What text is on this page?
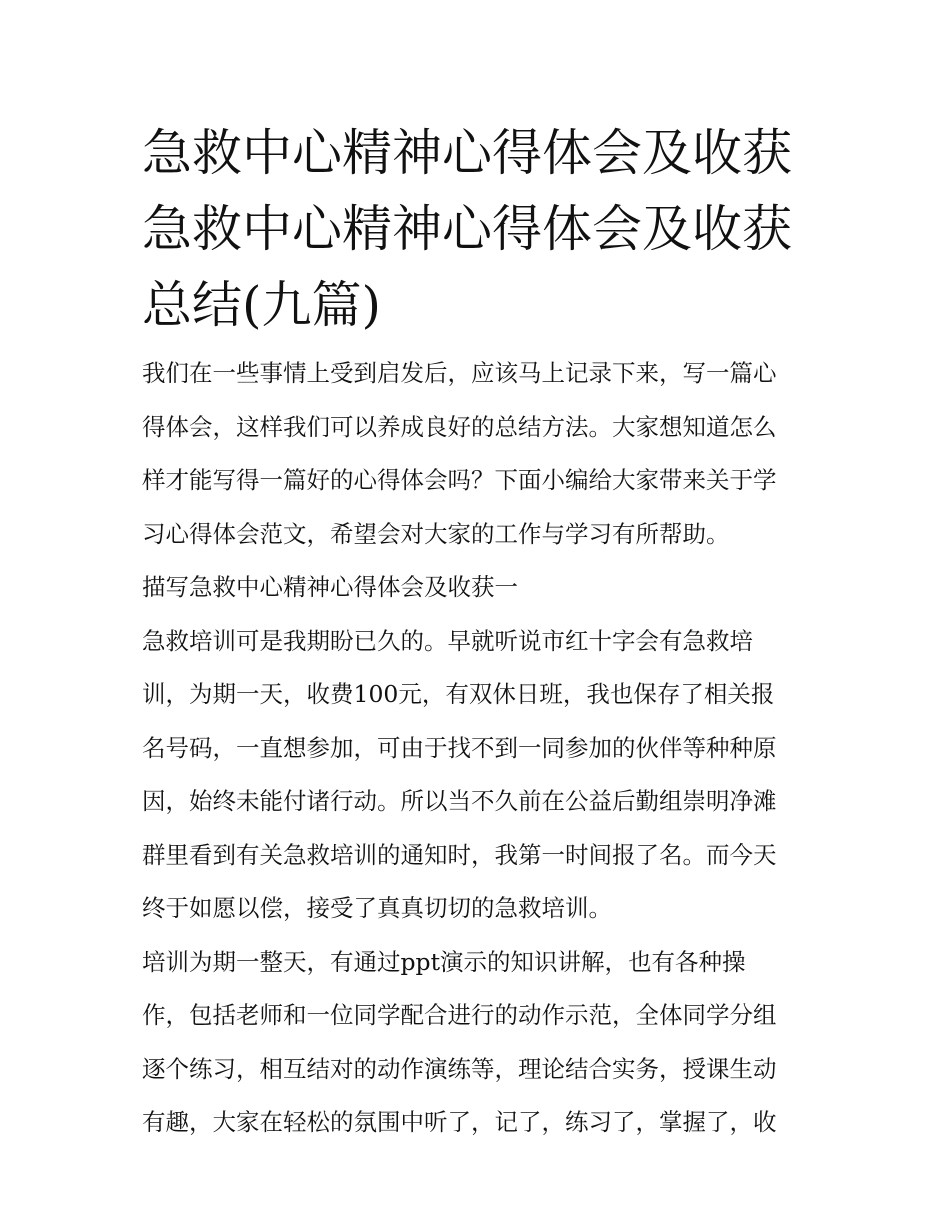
急救中心精神心得体会及收获
急救中心精神心得体会及收获
总结(九篇)

我们在一些事情上受到启发后，应该马上记录下来，写一篇心
得体会，这样我们可以养成良好的总结方法。大家想知道怎么
样才能写得一篇好的心得体会吗？下面小编给大家带来关于学
习心得体会范文，希望会对大家的工作与学习有所帮助。

描写急救中心精神心得体会及收获一

急救培训可是我期盼已久的。早就听说市红十字会有急救培
训，为期一天，收费100元，有双休日班，我也保存了相关报
名号码，一直想参加，可由于找不到一同参加的伙伴等种种原
因，始终未能付诸行动。所以当不久前在公益后勤组崇明净滩
群里看到有关急救培训的通知时，我第一时间报了名。而今天
终于如愿以偿，接受了真真切切的急救培训。

培训为期一整天，有通过ppt演示的知识讲解，也有各种操
作，包括老师和一位同学配合进行的动作示范，全体同学分组
逐个练习，相互结对的动作演练等，理论结合实务，授课生动
有趣，大家在轻松的氛围中听了，记了，练习了，掌握了，收
